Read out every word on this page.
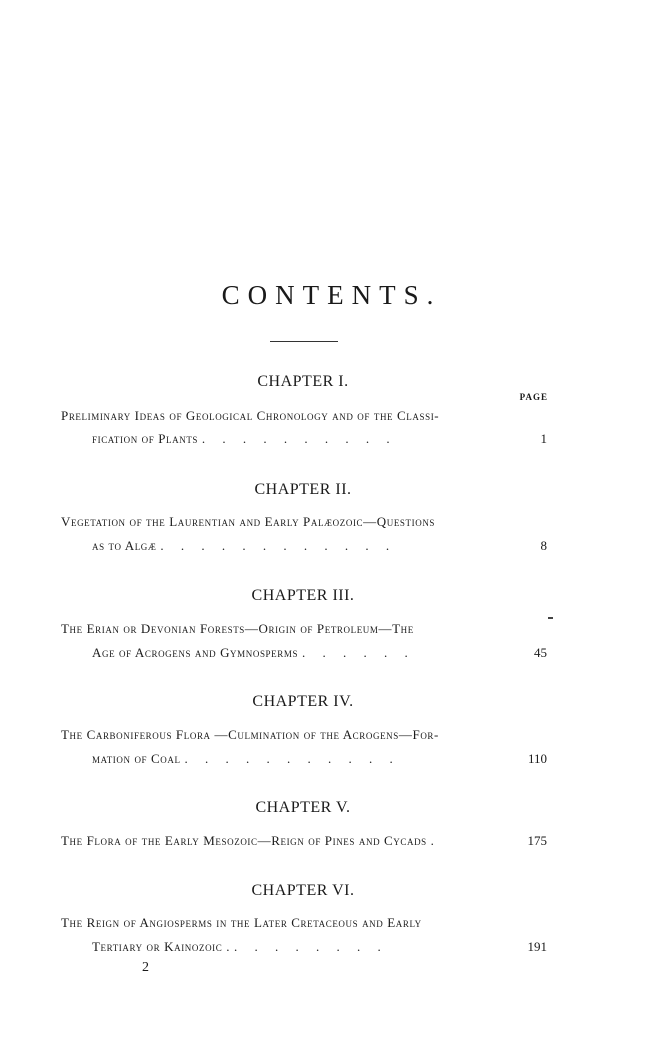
CONTENTS.
CHAPTER I.
PAGE
Preliminary Ideas of Geological Chronology and of the Classi-
fication of Plants . . . . . . . . . .	1
CHAPTER II.
Vegetation of the Laurentian and Early Palæozoic—Questions
as to Algæ . . . . . . . . . . . .	8
CHAPTER III.
The Erian or Devonian Forests—Origin of Petroleum—The
Age of Acrogens and Gymnosperms . . . . . .	45
CHAPTER IV.
The Carboniferous Flora —Culmination of the Acrogens—For-
mation of Coal . . . . . . . . . . .	110
CHAPTER V.
The Flora of the Early Mesozoic—Reign of Pines and Cycads .	175
CHAPTER VI.
The Reign of Angiosperms in the Later Cretaceous and Early
Tertiary or Kainozoic . . . . . . . . .	191
2
